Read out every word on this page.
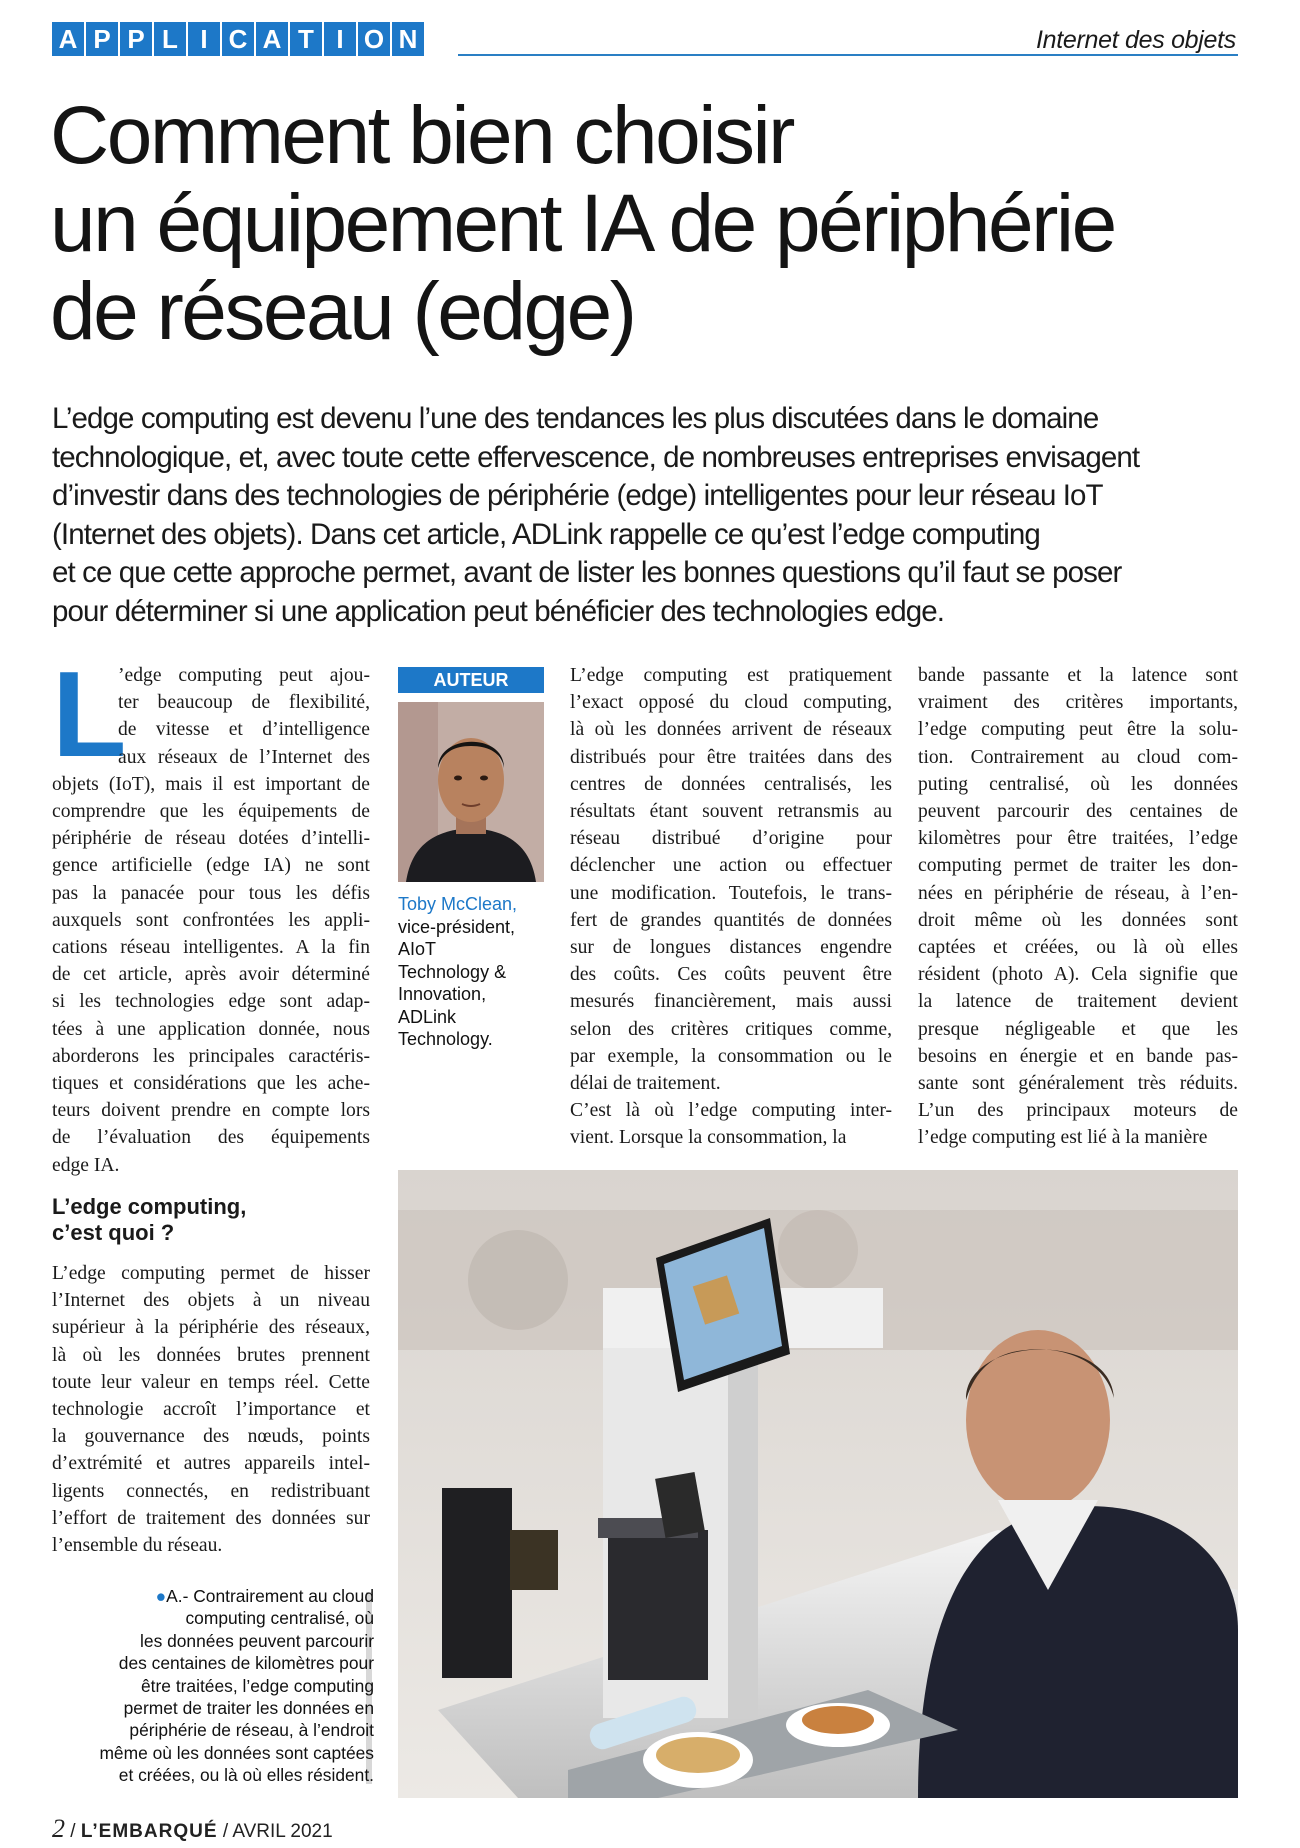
A P P L I C A T I O N	Internet des objets
Comment bien choisir
un équipement IA de périphérie
de réseau (edge)
L’edge computing est devenu l’une des tendances les plus discutées dans le domaine
technologique, et, avec toute cette effervescence, de nombreuses entreprises envisagent
d’investir dans des technologies de périphérie (edge) intelligentes pour leur réseau IoT
(Internet des objets). Dans cet article, ADLink rappelle ce qu’est l’edge computing
et ce que cette approche permet, avant de lister les bonnes questions qu’il faut se poser
pour déterminer si une application peut bénéficier des technologies edge.
L
’edge computing peut ajou-
ter beaucoup de flexibilité,
de vitesse et d’intelligence
aux réseaux de l’Internet des
objets (IoT), mais il est important de
comprendre que les équipements de
périphérie de réseau dotées d’intelli-
gence artificielle (edge IA) ne sont
pas la panacée pour tous les défis
auxquels sont confrontées les appli-
cations réseau intelligentes. A la fin
de cet article, après avoir déterminé
si les technologies edge sont adap-
tées à une application donnée, nous
aborderons les principales caractéris-
tiques et considérations que les ache-
teurs doivent prendre en compte lors
de l’évaluation des équipements
edge IA.
L’edge computing,
c’est quoi ?
L’edge computing permet de hisser
l’Internet des objets à un niveau
supérieur à la périphérie des réseaux,
là où les données brutes prennent
toute leur valeur en temps réel. Cette
technologie accroît l’importance et
la gouvernance des nœuds, points
d’extrémité et autres appareils intel-
ligents connectés, en redistribuant
l’effort de traitement des données sur
l’ensemble du réseau.
AUTEUR
Toby McClean,
vice-président,
AIoT
Technology &
Innovation,
ADLink
Technology.
L’edge computing est pratiquement
l’exact opposé du cloud computing,
là où les données arrivent de réseaux
distribués pour être traitées dans des
centres de données centralisés, les
résultats étant souvent retransmis au
réseau distribué d’origine pour
déclencher une action ou effectuer
une modification. Toutefois, le trans-
fert de grandes quantités de données
sur de longues distances engendre
des coûts. Ces coûts peuvent être
mesurés financièrement, mais aussi
selon des critères critiques comme,
par exemple, la consommation ou le
délai de traitement.
C’est là où l’edge computing inter-
vient. Lorsque la consommation, la
bande passante et la latence sont
vraiment des critères importants,
l’edge computing peut être la solu-
tion. Contrairement au cloud com-
puting centralisé, où les données
peuvent parcourir des centaines de
kilomètres pour être traitées, l’edge
computing permet de traiter les don-
nées en périphérie de réseau, à l’en-
droit même où les données sont
captées et créées, ou là où elles
résident (photo A). Cela signifie que
la latence de traitement devient
presque négligeable et que les
besoins en énergie et en bande pas-
sante sont généralement très réduits.
L’un des principaux moteurs de
l’edge computing est lié à la manière
●A.- Contrairement au cloud
computing centralisé, où
les données peuvent parcourir
des centaines de kilomètres pour
être traitées, l’edge computing
permet de traiter les données en
périphérie de réseau, à l’endroit
même où les données sont captées
et créées, ou là où elles résident.
2 / L’EMBARQUÉ / AVRIL 2021
